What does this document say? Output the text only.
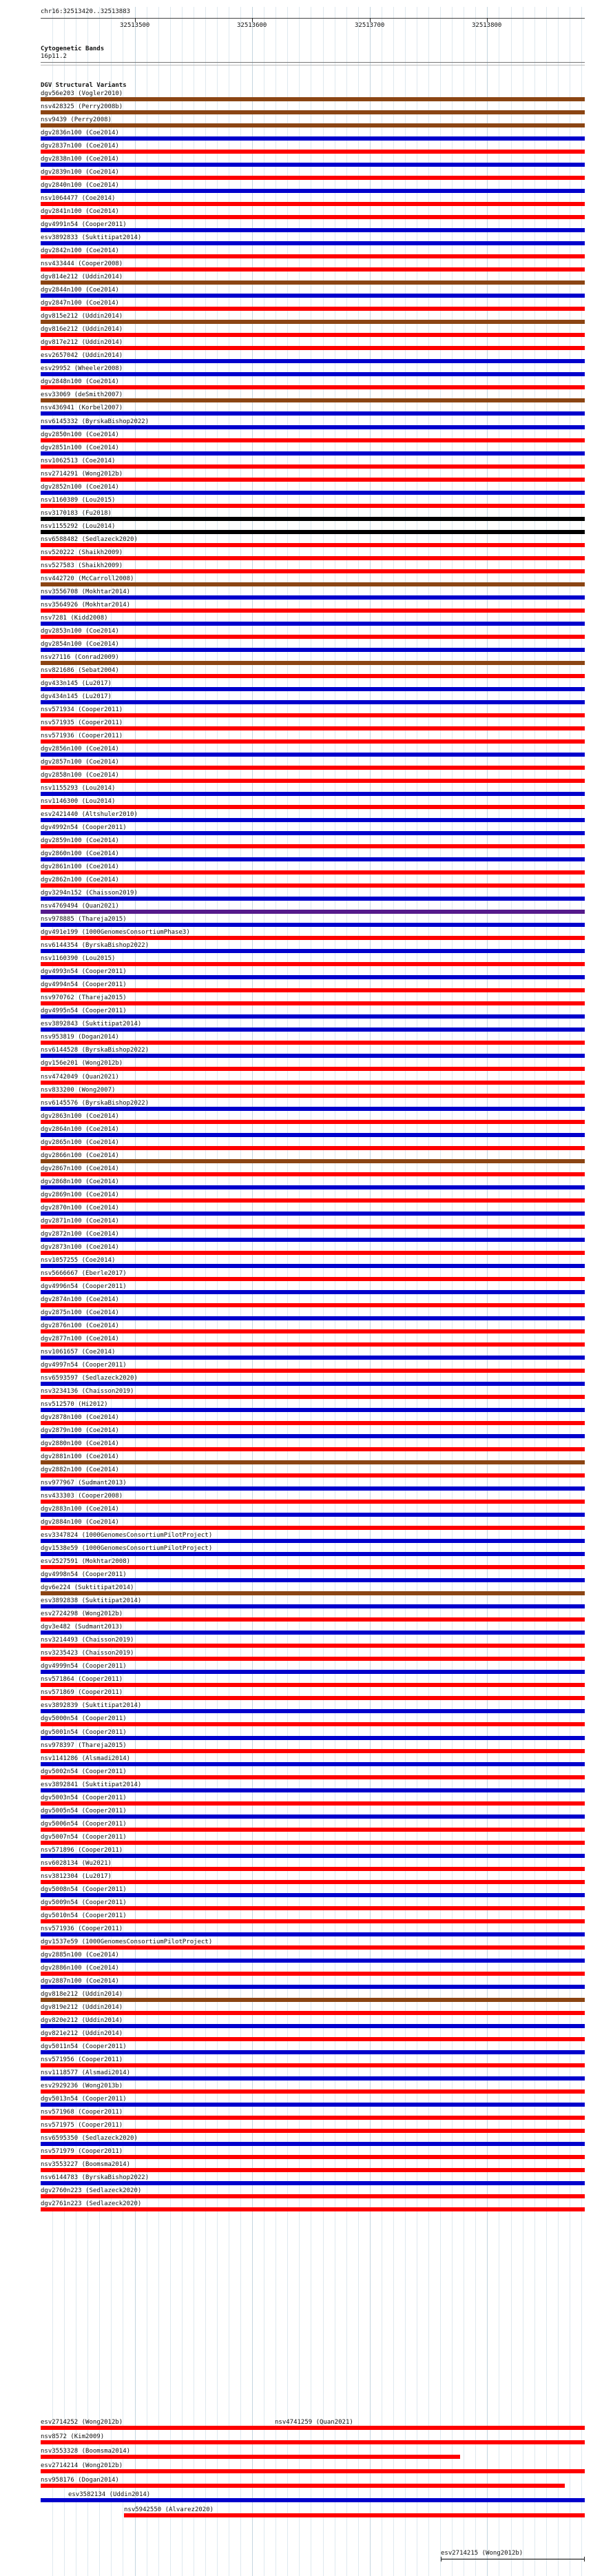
chr16:32513420..32513883
32513500	32513600	32513700	32513800
Cytogenetic Bands
16p11.2
DGV Structural Variants
dgv56e203 (Vogler2010)
nsv428325 (Perry2008b)
nsv9439 (Perry2008)
dgv2836n100 (Coe2014)
dgv2837n100 (Coe2014)
dgv2838n100 (Coe2014)
dgv2839n100 (Coe2014)
dgv2840n100 (Coe2014)
nsv1064477 (Coe2014)
dgv2841n100 (Coe2014)
dgv4991n54 (Cooper2011)
esv3892833 (Suktitipat2014)
dgv2842n100 (Coe2014)
nsv433444 (Cooper2008)
dgv814e212 (Uddin2014)
dgv2844n100 (Coe2014)
dgv2847n100 (Coe2014)
dgv815e212 (Uddin2014)
dgv816e212 (Uddin2014)
dgv817e212 (Uddin2014)
esv2657042 (Uddin2014)
esv29952 (Wheeler2008)
dgv2848n100 (Coe2014)
esv33069 (deSmith2007)
nsv436941 (Korbel2007)
nsv6145332 (ByrskaBishop2022)
dgv2850n100 (Coe2014)
dgv2851n100 (Coe2014)
nsv1062513 (Coe2014)
nsv2714291 (Wong2012b)
dgv2852n100 (Coe2014)
nsv1160389 (Lou2015)
nsv3170183 (Fu2018)
nsv1155292 (Lou2014)
nsv6588482 (Sedlazeck2020)
nsv520222 (Shaikh2009)
nsv527583 (Shaikh2009)
nsv442720 (McCarroll2008)
nsv3556708 (Mokhtar2014)
nsv3564926 (Mokhtar2014)
nsv7281 (Kidd2008)
dgv2853n100 (Coe2014)
dgv2854n100 (Coe2014)
nsv27116 (Conrad2009)
nsv821686 (Sebat2004)
dgv433n145 (Lu2017)
dgv434n145 (Lu2017)
nsv571934 (Cooper2011)
nsv571935 (Cooper2011)
nsv571936 (Cooper2011)
dgv2856n100 (Coe2014)
dgv2857n100 (Coe2014)
dgv2858n100 (Coe2014)
nsv1155293 (Lou2014)
nsv1146300 (Lou2014)
esv2421440 (Altshuler2010)
dgv4992n54 (Cooper2011)
dgv2859n100 (Coe2014)
dgv2860n100 (Coe2014)
dgv2861n100 (Coe2014)
dgv2862n100 (Coe2014)
dgv3294n152 (Chaisson2019)
nsv4769494 (Quan2021)
nsv978885 (Thareja2015)
dgv491e199 (1000GenomesConsortiumPhase3)
nsv6144354 (ByrskaBishop2022)
nsv1160390 (Lou2015)
dgv4993n54 (Cooper2011)
dgv4994n54 (Cooper2011)
nsv970762 (Thareja2015)
dgv4995n54 (Cooper2011)
esv3892843 (Suktitipat2014)
nsv953819 (Dogan2014)
nsv6144528 (ByrskaBishop2022)
dgv156e201 (Wong2012b)
nsv4742049 (Quan2021)
nsv833200 (Wong2007)
nsv6145576 (ByrskaBishop2022)
dgv2863n100 (Coe2014)
dgv2864n100 (Coe2014)
dgv2865n100 (Coe2014)
dgv2866n100 (Coe2014)
dgv2867n100 (Coe2014)
dgv2868n100 (Coe2014)
dgv2869n100 (Coe2014)
dgv2870n100 (Coe2014)
dgv2871n100 (Coe2014)
dgv2872n100 (Coe2014)
dgv2873n100 (Coe2014)
nsv1057255 (Coe2014)
nsv5666667 (Eberle2017)
dgv4996n54 (Cooper2011)
dgv2874n100 (Coe2014)
dgv2875n100 (Coe2014)
dgv2876n100 (Coe2014)
dgv2877n100 (Coe2014)
nsv1061657 (Coe2014)
dgv4997n54 (Cooper2011)
nsv6593597 (Sedlazeck2020)
nsv3234136 (Chaisson2019)
nsv512570 (Hi2012)
dgv2878n100 (Coe2014)
dgv2879n100 (Coe2014)
dgv2880n100 (Coe2014)
dgv2881n100 (Coe2014)
dgv2882n100 (Coe2014)
nsv977967 (Sudmant2013)
nsv433303 (Cooper2008)
dgv2883n100 (Coe2014)
dgv2884n100 (Coe2014)
esv3347824 (1000GenomesConsortiumPilotProject)
dgv1538e59 (1000GenomesConsortiumPilotProject)
esv2527591 (Mokhtar2008)
dgv4998n54 (Cooper2011)
dgv6e224 (Suktitipat2014)
esv3892838 (Suktitipat2014)
esv2724298 (Wong2012b)
dgv3e482 (Sudmant2013)
nsv3214493 (Chaisson2019)
nsv3235423 (Chaisson2019)
dgv4999n54 (Cooper2011)
nsv571864 (Cooper2011)
nsv571869 (Cooper2011)
esv3892839 (Suktitipat2014)
dgv5000n54 (Cooper2011)
dgv5001n54 (Cooper2011)
nsv978397 (Thareja2015)
nsv1141286 (Alsmadi2014)
dgv5002n54 (Cooper2011)
esv3892841 (Suktitipat2014)
dgv5003n54 (Cooper2011)
dgv5005n54 (Cooper2011)
dgv5006n54 (Cooper2011)
dgv5007n54 (Cooper2011)
nsv571896 (Cooper2011)
nsv6028134 (Wu2021)
nsv3812304 (Lu2017)
dgv5008n54 (Cooper2011)
dgv5009n54 (Cooper2011)
dgv5010n54 (Cooper2011)
nsv571936 (Cooper2011)
dgv1537e59 (1000GenomesConsortiumPilotProject)
dgv2885n100 (Coe2014)
dgv2886n100 (Coe2014)
dgv2887n100 (Coe2014)
dgv818e212 (Uddin2014)
dgv819e212 (Uddin2014)
dgv820e212 (Uddin2014)
dgv821e212 (Uddin2014)
dgv5011n54 (Cooper2011)
nsv571956 (Cooper2011)
nsv1118577 (Alsmadi2014)
esv2929236 (Wong2013b)
dgv5013n54 (Cooper2011)
nsv571968 (Cooper2011)
nsv571975 (Cooper2011)
nsv6595350 (Sedlazeck2020)
nsv571979 (Cooper2011)
nsv3553227 (Boomsma2014)
nsv6144783 (ByrskaBishop2022)
dgv2760n223 (Sedlazeck2020)
dgv2761n223 (Sedlazeck2020)
esv2714252 (Wong2012b)	nsv4741259 (Quan2021)
nsv8572 (Kim2009)
nsv3553328 (Boomsma2014)
esv2714214 (Wong2012b)
nsv958176 (Dogan2014)
esv3582134 (Uddin2014)
nsv5942550 (Alvarez2020)
esv2714215 (Wong2012b)
